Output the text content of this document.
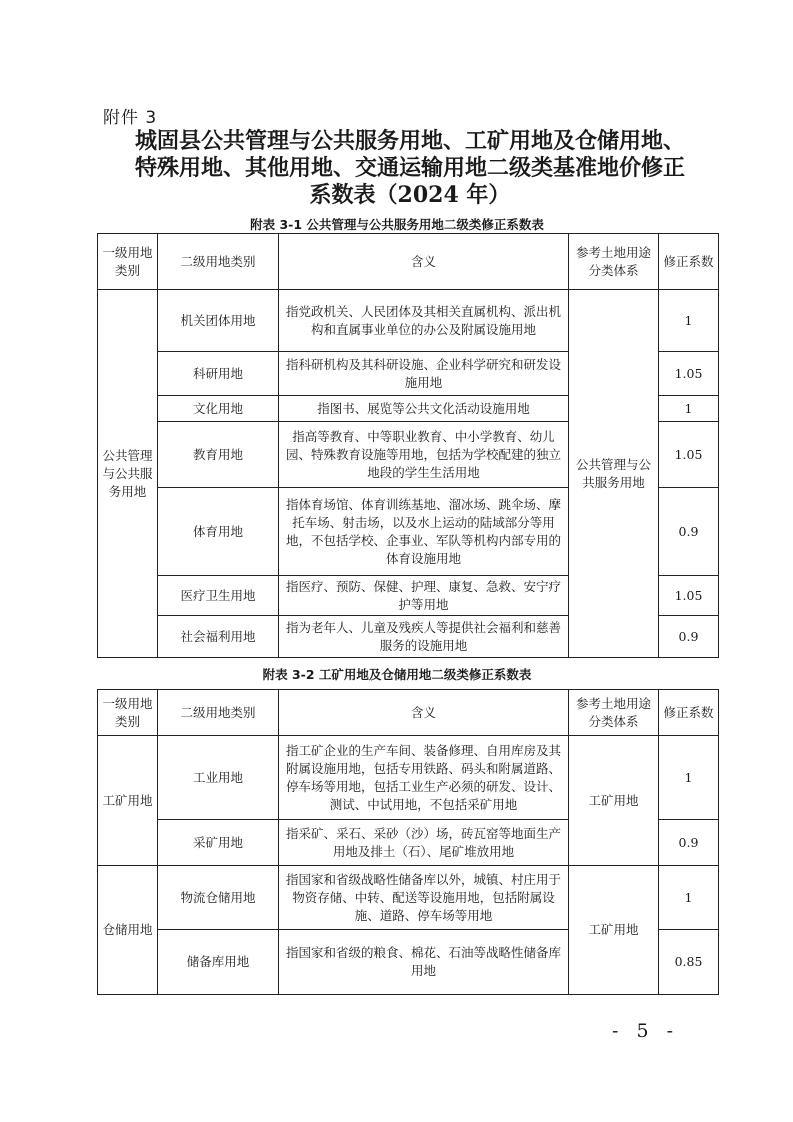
附件 3
城固县公共管理与公共服务用地、工矿用地及仓储用地、
特殊用地、其他用地、交通运输用地二级类基准地价修正
系数表（2024 年）
附表 3-1 公共管理与公共服务用地二级类修正系数表
一级用地类别	二级用地类别	含义	参考土地用途分类体系	修正系数
公共管理与公共服务用地	机关团体用地	指党政机关、人民团体及其相关直属机构、派出机构和直属事业单位的办公及附属设施用地	公共管理与公共服务用地	1
	科研用地	指科研机构及其科研设施、企业科学研究和研发设施用地		1.05
	文化用地	指图书、展览等公共文化活动设施用地		1
	教育用地	指高等教育、中等职业教育、中小学教育、幼儿园、特殊教育设施等用地，包括为学校配建的独立地段的学生生活用地		1.05
	体育用地	指体育场馆、体育训练基地、溜冰场、跳伞场、摩托车场、射击场，以及水上运动的陆域部分等用地，不包括学校、企事业、军队等机构内部专用的体育设施用地		0.9
	医疗卫生用地	指医疗、预防、保健、护理、康复、急救、安宁疗护等用地		1.05
	社会福利用地	指为老年人、儿童及残疾人等提供社会福利和慈善服务的设施用地		0.9
附表 3-2 工矿用地及仓储用地二级类修正系数表
一级用地类别	二级用地类别	含义	参考土地用途分类体系	修正系数
工矿用地	工业用地	指工矿企业的生产车间、装备修理、自用库房及其附属设施用地，包括专用铁路、码头和附属道路、停车场等用地，包括工业生产必须的研发、设计、测试、中试用地，不包括采矿用地	工矿用地	1
	采矿用地	指采矿、采石、采砂（沙）场，砖瓦窑等地面生产用地及排土（石）、尾矿堆放用地		0.9
仓储用地	物流仓储用地	指国家和省级战略性储备库以外，城镇、村庄用于物资存储、中转、配送等设施用地，包括附属设施、道路、停车场等用地	工矿用地	1
	储备库用地	指国家和省级的粮食、棉花、石油等战略性储备库用地		0.85
- 5 -
